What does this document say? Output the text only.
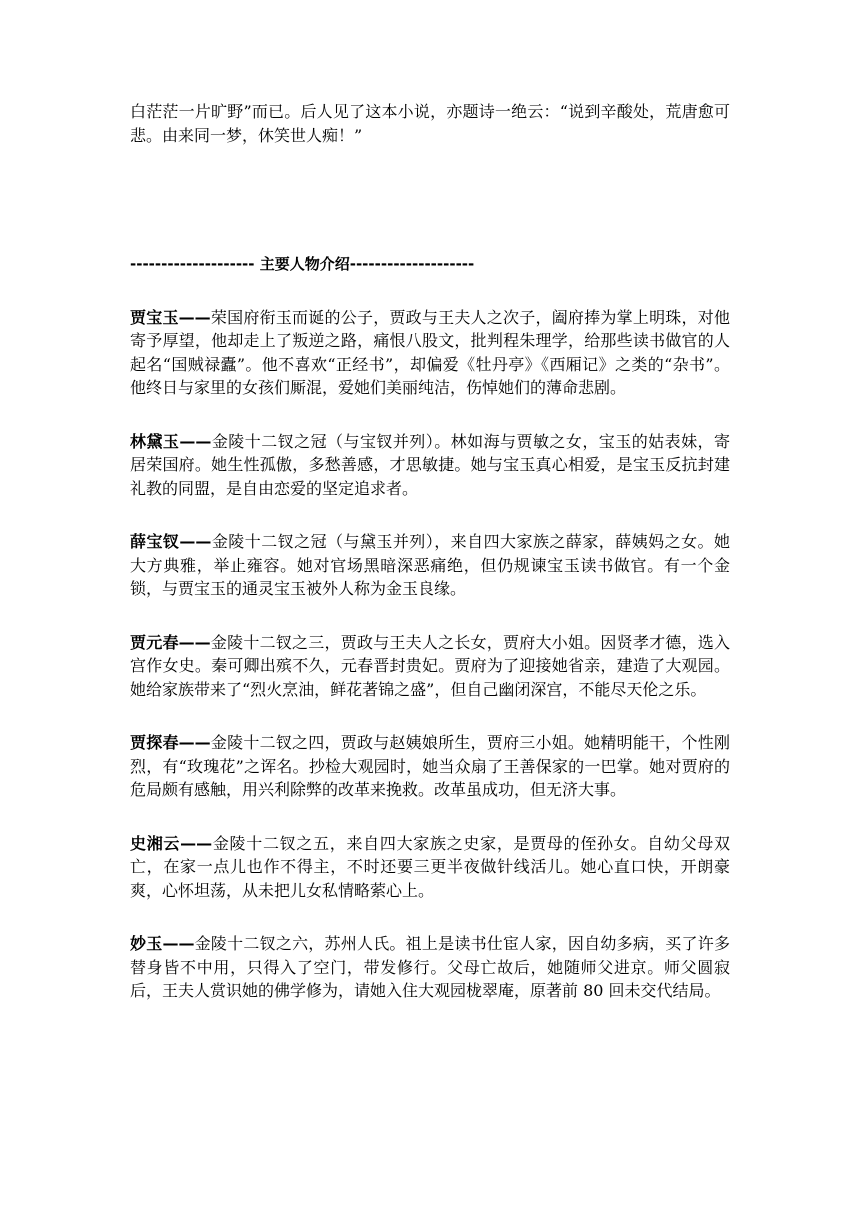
白茫茫一片旷野”而已。后人见了这本小说，亦题诗一绝云：“说到辛酸处，荒唐愈可悲。由来同一梦，休笑世人痴！”

-------------------- 主要人物介绍--------------------

贾宝玉——荣国府衔玉而诞的公子，贾政与王夫人之次子，阖府捧为掌上明珠，对他寄予厚望，他却走上了叛逆之路，痛恨八股文，批判程朱理学，给那些读书做官的人起名“国贼禄蠹”。他不喜欢“正经书”，却偏爱《牡丹亭》《西厢记》之类的“杂书”。他终日与家里的女孩们厮混，爱她们美丽纯洁，伤悼她们的薄命悲剧。

林黛玉——金陵十二钗之冠（与宝钗并列）。林如海与贾敏之女，宝玉的姑表妹，寄居荣国府。她生性孤傲，多愁善感，才思敏捷。她与宝玉真心相爱，是宝玉反抗封建礼教的同盟，是自由恋爱的坚定追求者。

薛宝钗——金陵十二钗之冠（与黛玉并列），来自四大家族之薛家，薛姨妈之女。她大方典雅，举止雍容。她对官场黑暗深恶痛绝，但仍规谏宝玉读书做官。有一个金锁，与贾宝玉的通灵宝玉被外人称为金玉良缘。

贾元春——金陵十二钗之三，贾政与王夫人之长女，贾府大小姐。因贤孝才德，选入宫作女史。秦可卿出殡不久，元春晋封贵妃。贾府为了迎接她省亲，建造了大观园。她给家族带来了“烈火烹油，鲜花著锦之盛”，但自己幽闭深宫，不能尽天伦之乐。

贾探春——金陵十二钗之四，贾政与赵姨娘所生，贾府三小姐。她精明能干，个性刚烈，有“玫瑰花”之诨名。抄检大观园时，她当众扇了王善保家的一巴掌。她对贾府的危局颇有感触，用兴利除弊的改革来挽救。改革虽成功，但无济大事。

史湘云——金陵十二钗之五，来自四大家族之史家，是贾母的侄孙女。自幼父母双亡，在家一点儿也作不得主，不时还要三更半夜做针线活儿。她心直口快，开朗豪爽，心怀坦荡，从未把儿女私情略萦心上。

妙玉——金陵十二钗之六，苏州人氏。祖上是读书仕宦人家，因自幼多病，买了许多替身皆不中用，只得入了空门，带发修行。父母亡故后，她随师父进京。师父圆寂后，王夫人赏识她的佛学修为，请她入住大观园栊翠庵，原著前 80 回未交代结局。
